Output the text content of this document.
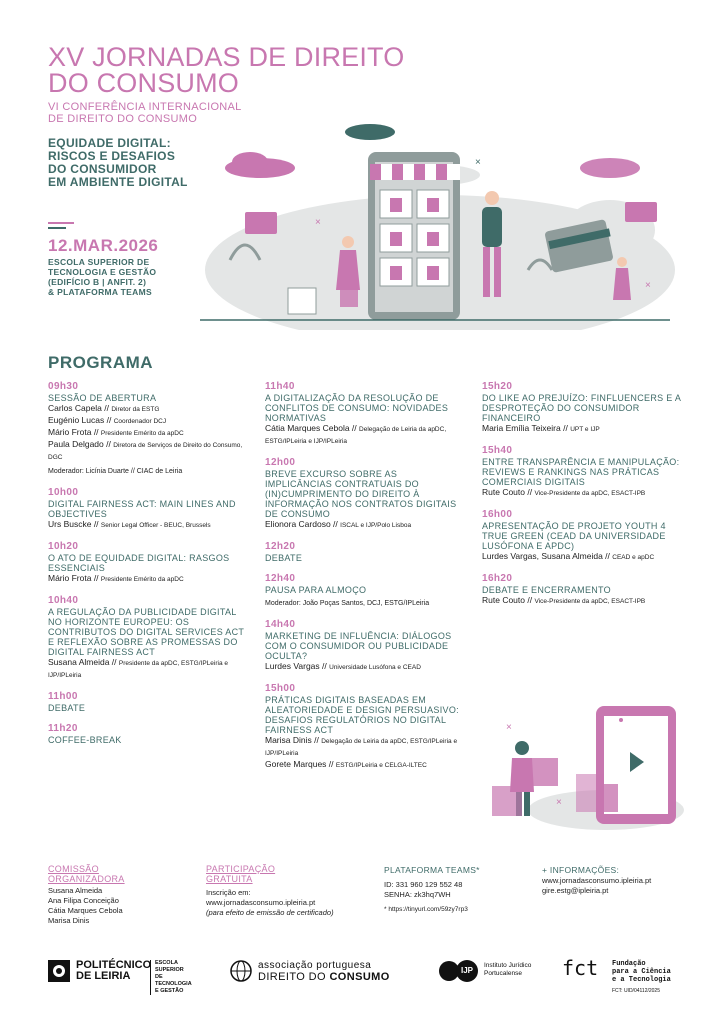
XV JORNADAS DE DIREITO
DO CONSUMO
VI CONFERÊNCIA INTERNACIONAL
DE DIREITO DO CONSUMO
EQUIDADE DIGITAL:
RISCOS E DESAFIOS
DO CONSUMIDOR
EM AMBIENTE DIGITAL
12.MAR.2026
ESCOLA SUPERIOR DE
TECNOLOGIA E GESTÃO
(EDIFÍCIO B | ANFIT. 2)
& PLATAFORMA TEAMS
×
×
×
PROGRAMA
09h30
SESSÃO DE ABERTURA
Carlos Capela // Diretor da ESTG
Eugénio Lucas // Coordenador DCJ
Mário Frota // Presidente Emérito da apDC
Paula Delgado // Diretora de Serviços de Direito do Consumo, DGC
Moderador: Licínia Duarte // CIAC de Leiria
10h00
DIGITAL FAIRNESS ACT: MAIN LINES AND OBJECTIVES
Urs Buscke // Senior Legal Officer - BEUC, Brussels
10h20
O ATO DE EQUIDADE DIGITAL: RASGOS ESSENCIAIS
Mário Frota // Presidente Emérito da apDC
10h40
A REGULAÇÃO DA PUBLICIDADE DIGITAL NO HORIZONTE EUROPEU: OS CONTRIBUTOS DO DIGITAL SERVICES ACT E REFLEXÃO SOBRE AS PROMESSAS DO DIGITAL FAIRNESS ACT
Susana Almeida // Presidente da apDC, ESTG/IPLeiria e IJP/IPLeiria
11h00
DEBATE
11h20
COFFEE-BREAK
11h40
A DIGITALIZAÇÃO DA RESOLUÇÃO DE CONFLITOS DE CONSUMO: NOVIDADES NORMATIVAS
Cátia Marques Cebola // Delegação de Leiria da apDC, ESTG/IPLeiria e IJP/IPLeiria
12h00
BREVE EXCURSO SOBRE AS IMPLICÂNCIAS CONTRATUAIS DO (IN)CUMPRIMENTO DO DIREITO À INFORMAÇÃO NOS CONTRATOS DIGITAIS DE CONSUMO
Elionora Cardoso // ISCAL e IJP/Polo Lisboa
12h20
DEBATE
12h40
PAUSA PARA ALMOÇO
Moderador: João Poças Santos, DCJ, ESTG/IPLeiria
14h40
MARKETING DE INFLUÊNCIA: DIÁLOGOS COM O CONSUMIDOR OU PUBLICIDADE OCULTA?
Lurdes Vargas // Universidade Lusófona e CEAD
15h00
PRÁTICAS DIGITAIS BASEADAS EM ALEATORIEDADE E DESIGN PERSUASIVO: DESAFIOS REGULATÓRIOS NO DIGITAL FAIRNESS ACT
Marisa Dinis // Delegação de Leiria da apDC, ESTG/IPLeiria e IJP/IPLeiria
Gorete Marques // ESTG/IPLeiria e CELGA-ILTEC
15h20
DO LIKE AO PREJUÍZO: FINFLUENCERS E A DESPROTEÇÃO DO CONSUMIDOR FINANCEIRO
Maria Emília Teixeira // UPT e IJP
15h40
ENTRE TRANSPARÊNCIA E MANIPULAÇÃO: REVIEWS E RANKINGS NAS PRÁTICAS COMERCIAIS DIGITAIS
Rute Couto // Vice-Presidente da apDC, ESACT-IPB
16h00
APRESENTAÇÃO DE PROJETO YOUTH 4 TRUE GREEN (CEAD DA UNIVERSIDADE LUSÓFONA E APDC)
Lurdes Vargas, Susana Almeida // CEAD e apDC
16h20
DEBATE E ENCERRAMENTO
Rute Couto // Vice-Presidente da apDC, ESACT-IPB
×
×
COMISSÃO
ORGANIZADORA
Susana Almeida
Ana Filipa Conceição
Cátia Marques Cebola
Marisa Dinis
PARTICIPAÇÃO
GRATUITA
Inscrição em:
www.jornadasconsumo.ipleiria.pt
(para efeito de emissão de certificado)
PLATAFORMA TEAMS*
ID: 331 960 129 552 48
SENHA: zk3hq7WH
* https://tinyurl.com/59zy7rp3
+ INFORMAÇÕES:
www.jornadasconsumo.ipleiria.pt
gire.estg@ipleiria.pt
POLITÉCNICO
DE LEIRIA
ESCOLA SUPERIOR
DE TECNOLOGIA
E GESTÃO
associação portuguesa
DIREITO DO CONSUMO
IJP
Instituto Jurídico
Portucalense	fct Fundação
para a Ciência
e a Tecnologia
FCT: UID/04112/2025
